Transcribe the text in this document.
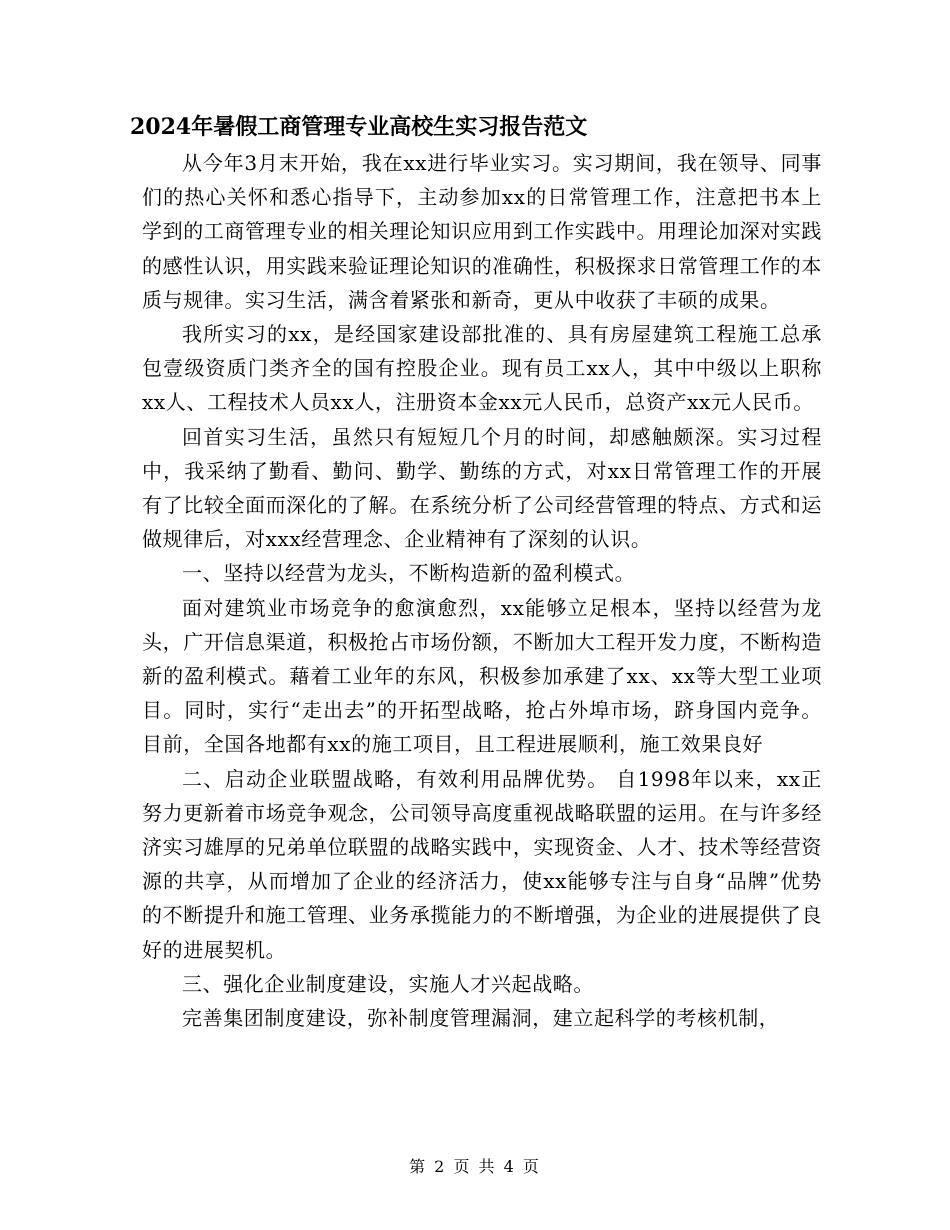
2024年暑假工商管理专业高校生实习报告范文

从今年3月末开始，我在xx进行毕业实习。实习期间，我在领导、同事们的热心关怀和悉心指导下，主动参加xx的日常管理工作，注意把书本上学到的工商管理专业的相关理论知识应用到工作实践中。用理论加深对实践的感性认识，用实践来验证理论知识的准确性，积极探求日常管理工作的本质与规律。实习生活，满含着紧张和新奇，更从中收获了丰硕的成果。

我所实习的xx，是经国家建设部批准的、具有房屋建筑工程施工总承包壹级资质门类齐全的国有控股企业。现有员工xx人，其中中级以上职称xx人、工程技术人员xx人，注册资本金xx元人民币，总资产xx元人民币。

回首实习生活，虽然只有短短几个月的时间，却感触颇深。实习过程中，我采纳了勤看、勤问、勤学、勤练的方式，对xx日常管理工作的开展有了比较全面而深化的了解。在系统分析了公司经营管理的特点、方式和运做规律后，对xxx经营理念、企业精神有了深刻的认识。

一、坚持以经营为龙头，不断构造新的盈利模式。

面对建筑业市场竞争的愈演愈烈，xx能够立足根本，坚持以经营为龙头，广开信息渠道，积极抢占市场份额，不断加大工程开发力度，不断构造新的盈利模式。藉着工业年的东风，积极参加承建了xx、xx等大型工业项目。同时，实行“走出去”的开拓型战略，抢占外埠市场，跻身国内竞争。目前，全国各地都有xx的施工项目，且工程进展顺利，施工效果良好

二、启动企业联盟战略，有效利用品牌优势。 自1998年以来，xx正努力更新着市场竞争观念，公司领导高度重视战略联盟的运用。在与许多经济实习雄厚的兄弟单位联盟的战略实践中，实现资金、人才、技术等经营资源的共享，从而增加了企业的经济活力，使xx能够专注与自身“品牌”优势的不断提升和施工管理、业务承揽能力的不断增强，为企业的进展提供了良好的进展契机。

三、强化企业制度建设，实施人才兴起战略。

完善集团制度建设，弥补制度管理漏洞，建立起科学的考核机制，

第 2 页 共 4 页
